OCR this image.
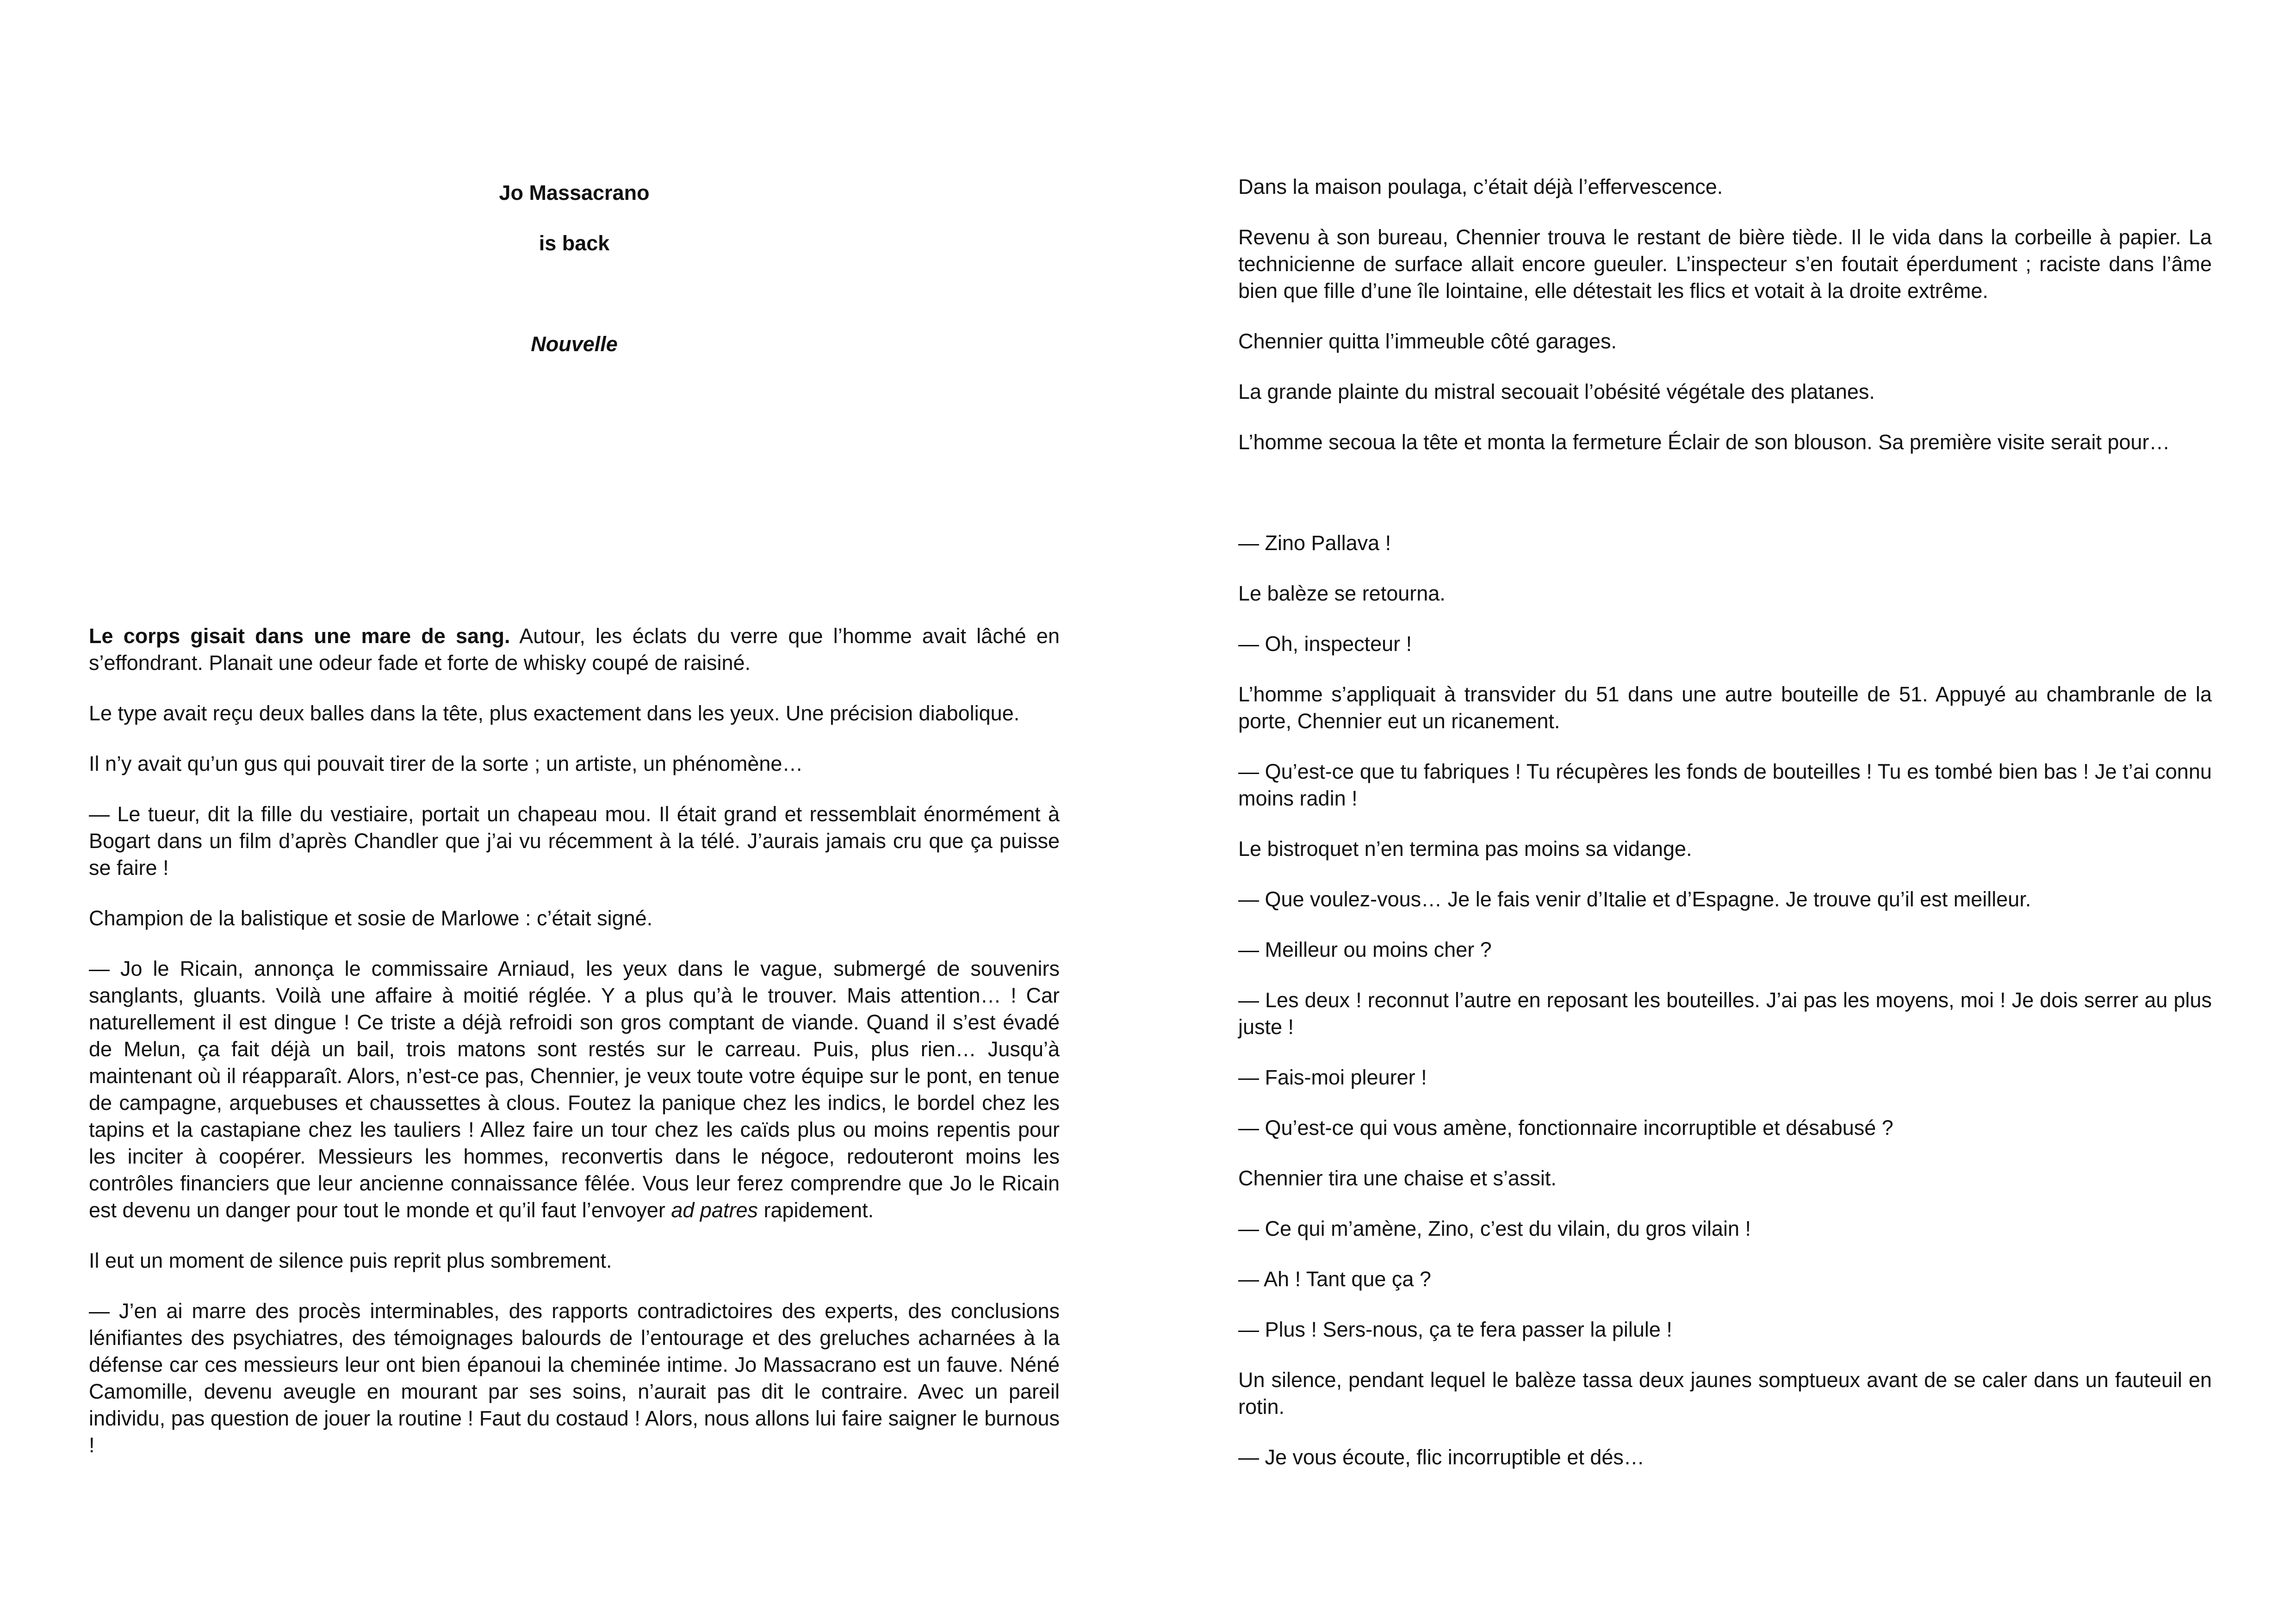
Jo Massacrano

is back

Nouvelle

Le corps gisait dans une mare de sang. Autour, les éclats du verre que l’homme avait lâché en s’effondrant. Planait une odeur fade et forte de whisky coupé de raisiné.

Le type avait reçu deux balles dans la tête, plus exactement dans les yeux. Une précision diabolique.

Il n’y avait qu’un gus qui pouvait tirer de la sorte ; un artiste, un phénomène…

— Le tueur, dit la fille du vestiaire, portait un chapeau mou. Il était grand et ressemblait énormément à Bogart dans un film d’après Chandler que j’ai vu récemment à la télé. J’aurais jamais cru que ça puisse se faire !

Champion de la balistique et sosie de Marlowe : c’était signé.

— Jo le Ricain, annonça le commissaire Arniaud, les yeux dans le vague, submergé de souvenirs sanglants, gluants. Voilà une affaire à moitié réglée. Y a plus qu’à le trouver. Mais attention… ! Car naturellement il est dingue ! Ce triste a déjà refroidi son gros comptant de viande. Quand il s’est évadé de Melun, ça fait déjà un bail, trois matons sont restés sur le carreau. Puis, plus rien… Jusqu’à maintenant où il réapparaît. Alors, n’est-ce pas, Chennier, je veux toute votre équipe sur le pont, en tenue de campagne, arquebuses et chaussettes à clous. Foutez la panique chez les indics, le bordel chez les tapins et la castapiane chez les tauliers ! Allez faire un tour chez les caïds plus ou moins repentis pour les inciter à coopérer. Messieurs les hommes, reconvertis dans le négoce, redouteront moins les contrôles financiers que leur ancienne connaissance fêlée. Vous leur ferez comprendre que Jo le Ricain est devenu un danger pour tout le monde et qu’il faut l’envoyer ad patres rapidement.

Il eut un moment de silence puis reprit plus sombrement.

— J’en ai marre des procès interminables, des rapports contradictoires des experts, des conclusions lénifiantes des psychiatres, des témoignages balourds de l’entourage et des greluches acharnées à la défense car ces messieurs leur ont bien épanoui la cheminée intime. Jo Massacrano est un fauve. Néné Camomille, devenu aveugle en mourant par ses soins, n’aurait pas dit le contraire. Avec un pareil individu, pas question de jouer la routine ! Faut du costaud ! Alors, nous allons lui faire saigner le burnous !

Dans la maison poulaga, c’était déjà l’effervescence.

Revenu à son bureau, Chennier trouva le restant de bière tiède. Il le vida dans la corbeille à papier. La technicienne de surface allait encore gueuler. L’inspecteur s’en foutait éperdument ; raciste dans l’âme bien que fille d’une île lointaine, elle détestait les flics et votait à la droite extrême.

Chennier quitta l’immeuble côté garages.

La grande plainte du mistral secouait l’obésité végétale des platanes.

L’homme secoua la tête et monta la fermeture Éclair de son blouson. Sa première visite serait pour…

— Zino Pallava !

Le balèze se retourna.

— Oh, inspecteur !

L’homme s’appliquait à transvider du 51 dans une autre bouteille de 51. Appuyé au chambranle de la porte, Chennier eut un ricanement.

— Qu’est-ce que tu fabriques ! Tu récupères les fonds de bouteilles ! Tu es tombé bien bas ! Je t’ai connu moins radin !

Le bistroquet n’en termina pas moins sa vidange.

— Que voulez-vous… Je le fais venir d’Italie et d’Espagne. Je trouve qu’il est meilleur.

— Meilleur ou moins cher ?

— Les deux ! reconnut l’autre en reposant les bouteilles. J’ai pas les moyens, moi ! Je dois serrer au plus juste !

— Fais-moi pleurer !

— Qu’est-ce qui vous amène, fonctionnaire incorruptible et désabusé ?

Chennier tira une chaise et s’assit.

— Ce qui m’amène, Zino, c’est du vilain, du gros vilain !

— Ah ! Tant que ça ?

— Plus ! Sers-nous, ça te fera passer la pilule !

Un silence, pendant lequel le balèze tassa deux jaunes somptueux avant de se caler dans un fauteuil en rotin.

— Je vous écoute, flic incorruptible et dés…
